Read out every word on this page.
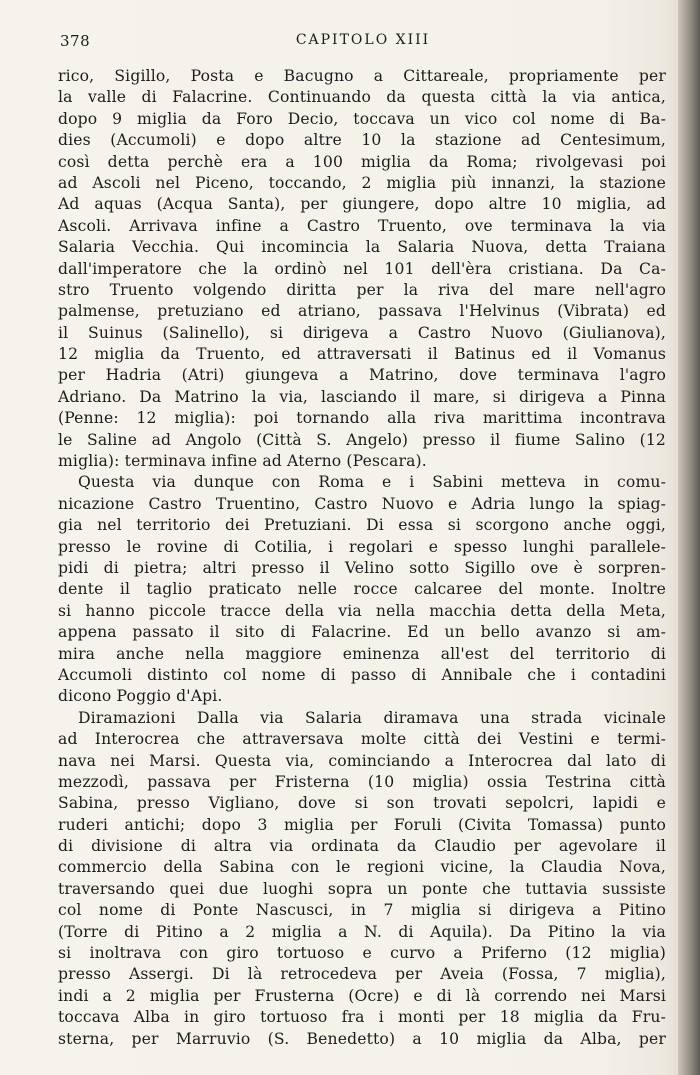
378	CAPITOLO XIII
rico, Sigillo, Posta e Bacugno a Cittareale, propriamente per
la valle di Falacrine. Continuando da questa città la via antica,
dopo 9 miglia da Foro Decio, toccava un vico col nome di Ba-
dies (Accumoli) e dopo altre 10 la stazione ad Centesimum,
così detta perchè era a 100 miglia da Roma; rivolgevasi poi
ad Ascoli nel Piceno, toccando, 2 miglia più innanzi, la stazione
Ad aquas (Acqua Santa), per giungere, dopo altre 10 miglia, ad
Ascoli. Arrivava infine a Castro Truento, ove terminava la via
Salaria Vecchia. Qui incomincia la Salaria Nuova, detta Traiana
dall'imperatore che la ordinò nel 101 dell'èra cristiana. Da Ca-
stro Truento volgendo diritta per la riva del mare nell'agro
palmense, pretuziano ed atriano, passava l'Helvinus (Vibrata) ed
il Suinus (Salinello), si dirigeva a Castro Nuovo (Giulianova),
12 miglia da Truento, ed attraversati il Batinus ed il Vomanus
per Hadria (Atri) giungeva a Matrino, dove terminava l'agro
Adriano. Da Matrino la via, lasciando il mare, si dirigeva a Pinna
(Penne: 12 miglia): poi tornando alla riva marittima incontrava
le Saline ad Angolo (Città S. Angelo) presso il fiume Salino (12
miglia): terminava infine ad Aterno (Pescara).
Questa via dunque con Roma e i Sabini metteva in comu-
nicazione Castro Truentino, Castro Nuovo e Adria lungo la spiag-
gia nel territorio dei Pretuziani. Di essa si scorgono anche oggi,
presso le rovine di Cotilia, i regolari e spesso lunghi parallele-
pidi di pietra; altri presso il Velino sotto Sigillo ove è sorpren-
dente il taglio praticato nelle rocce calcaree del monte. Inoltre
si hanno piccole tracce della via nella macchia detta della Meta,
appena passato il sito di Falacrine. Ed un bello avanzo si am-
mira anche nella maggiore eminenza all'est del territorio di
Accumoli distinto col nome di passo di Annibale che i contadini
dicono Poggio d'Api.
Diramazioni Dalla via Salaria diramava una strada vicinale
ad Interocrea che attraversava molte città dei Vestini e termi-
nava nei Marsi. Questa via, cominciando a Interocrea dal lato di
mezzodì, passava per Fristerna (10 miglia) ossia Testrina città
Sabina, presso Vigliano, dove si son trovati sepolcri, lapidi e
ruderi antichi; dopo 3 miglia per Foruli (Civita Tomassa) punto
di divisione di altra via ordinata da Claudio per agevolare il
commercio della Sabina con le regioni vicine, la Claudia Nova,
traversando quei due luoghi sopra un ponte che tuttavia sussiste
col nome di Ponte Nascusci, in 7 miglia si dirigeva a Pitino
(Torre di Pitino a 2 miglia a N. di Aquila). Da Pitino la via
si inoltrava con giro tortuoso e curvo a Priferno (12 miglia)
presso Assergi. Di là retrocedeva per Aveia (Fossa, 7 miglia),
indi a 2 miglia per Frusterna (Ocre) e di là correndo nei Marsi
toccava Alba in giro tortuoso fra i monti per 18 miglia da Fru-
sterna, per Marruvio (S. Benedetto) a 10 miglia da Alba, per
